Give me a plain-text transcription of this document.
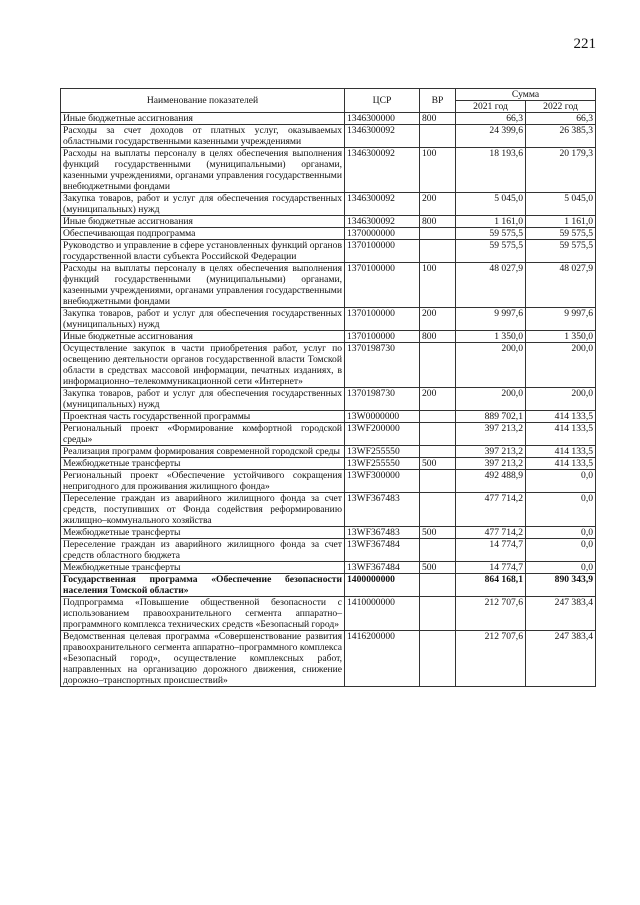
221
Наименование показателей	ЦСР	ВР	Сумма	
			2021 год	2022 год
Иные бюджетные ассигнования	1346300000	800	66,3	66,3
Расходы за счет доходов от платных услуг, оказываемых областными государственными казенными учреждениями	1346300092		24 399,6	26 385,3
Расходы на выплаты персоналу в целях обеспечения выполнения функций государственными (муниципальными) органами, казенными учреждениями, органами управления государственными внебюджетными фондами	1346300092	100	18 193,6	20 179,3
Закупка товаров, работ и услуг для обеспечения государственных (муниципальных) нужд	1346300092	200	5 045,0	5 045,0
Иные бюджетные ассигнования	1346300092	800	1 161,0	1 161,0
Обеспечивающая подпрограмма	1370000000		59 575,5	59 575,5
Руководство и управление в сфере установленных функций органов государственной власти субъекта Российской Федерации	1370100000		59 575,5	59 575,5
Расходы на выплаты персоналу в целях обеспечения выполнения функций государственными (муниципальными) органами, казенными учреждениями, органами управления государственными внебюджетными фондами	1370100000	100	48 027,9	48 027,9
Закупка товаров, работ и услуг для обеспечения государственных (муниципальных) нужд	1370100000	200	9 997,6	9 997,6
Иные бюджетные ассигнования	1370100000	800	1 350,0	1 350,0
Осуществление закупок в части приобретения работ, услуг по освещению деятельности органов государственной власти Томской области в средствах массовой информации, печатных изданиях, в информационно–телекоммуникационной сети «Интернет»	1370198730		200,0	200,0
Закупка товаров, работ и услуг для обеспечения государственных (муниципальных) нужд	1370198730	200	200,0	200,0
Проектная часть государственной программы	13W0000000		889 702,1	414 133,5
Региональный проект «Формирование комфортной городской среды»	13WF200000		397 213,2	414 133,5
Реализация программ формирования современной городской среды	13WF255550		397 213,2	414 133,5
Межбюджетные трансферты	13WF255550	500	397 213,2	414 133,5
Региональный проект «Обеспечение устойчивого сокращения непригодного для проживания жилищного фонда»	13WF300000		492 488,9	0,0
Переселение граждан из аварийного жилищного фонда за счет средств, поступивших от Фонда содействия реформированию жилищно–коммунального хозяйства	13WF367483		477 714,2	0,0
Межбюджетные трансферты	13WF367483	500	477 714,2	0,0
Переселение граждан из аварийного жилищного фонда за счет средств областного бюджета	13WF367484		14 774,7	0,0
Межбюджетные трансферты	13WF367484	500	14 774,7	0,0
Государственная программа «Обеспечение безопасности населения Томской области»	1400000000		864 168,1	890 343,9
Подпрограмма «Повышение общественной безопасности с использованием правоохранительного сегмента аппаратно–программного комплекса технических средств «Безопасный город»	1410000000		212 707,6	247 383,4
Ведомственная целевая программа «Совершенствование развития правоохранительного сегмента аппаратно–программного комплекса «Безопасный город», осуществление комплексных работ, направленных на организацию дорожного движения, снижение дорожно–транспортных происшествий»	1416200000		212 707,6	247 383,4
